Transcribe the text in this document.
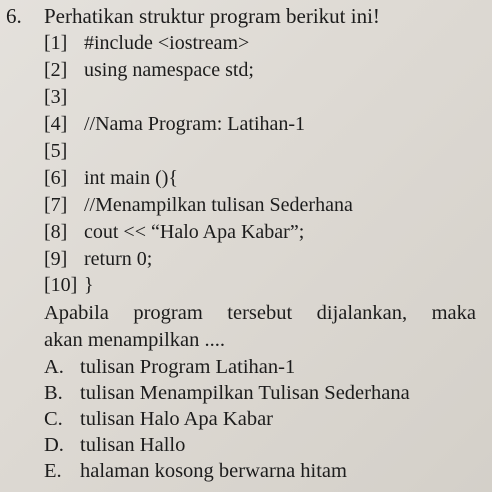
6. Perhatikan struktur program berikut ini!
[1] #include <iostream>
[2] using namespace std;
[3]
[4] //Nama Program: Latihan-1
[5]
[6] int main (){
[7] //Menampilkan tulisan Sederhana
[8] cout << “Halo Apa Kabar”;
[9] return 0;
[10] }
Apabila program tersebut dijalankan, maka
akan menampilkan ....
A. tulisan Program Latihan-1
B. tulisan Menampilkan Tulisan Sederhana
C. tulisan Halo Apa Kabar
D. tulisan Hallo
E. halaman kosong berwarna hitam
